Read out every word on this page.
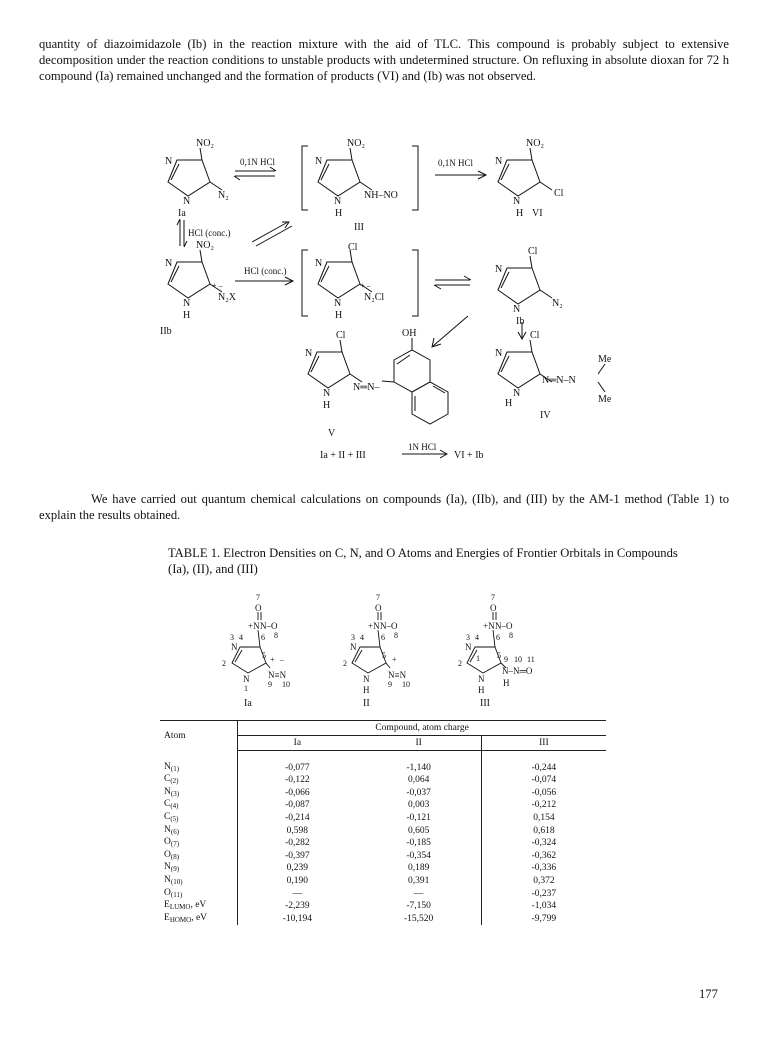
quantity of diazoimidazole (Ib) in the reaction mixture with the aid of TLC. This compound is probably subject to extensive decomposition under the reaction conditions to unstable products with undetermined structure. On refluxing in absolute dioxan for 72 h compound (Ia) remained unchanged and the formation of products (VI) and (Ib) was not observed.

NO₂
N
N
N₂
Ia
0,1N HCl
NO₂
N
N
H
NH–NO
III
0,1N HCl
NO₂
N
N
H
Cl
VI
HCl (conc.)
NO₂
N
N
H
+ –
N₂X
IIb
HCl (conc.)
Cl
N
N
H
+ –
N₂Cl
Cl
N
N
N₂
Ib
Cl
N
N
H
N═N–
OH
V
Cl
N
N
H
N═N–N
Me
Me
IV
Ia + II + III
1N HCl
VI + Ib

We have carried out quantum chemical calculations on compounds (Ia), (IIb), and (III) by the AM-1 method (Table 1) to explain the results obtained.

TABLE 1. Electron Densities on C, N, and O Atoms and Energies of Frontier Orbitals in Compounds (Ia), (II), and (III)
7
O
+N N–O
8
3 4 6
N
2
5 + –
N N≡N
1	9 10
Ia
7
O
+N N–O
3 4 6 8
N
2
5 +
N
H
N≡N
9 10
II
7
O
+N N–O
3 4 6 8
N
2
1 5 9 10 11
N–N═O
N
H
H
III
Atom	Compound, atom charge		
	Ia	II	III
$N_{(1)}$	-0,077	-1,140	-0,244
$C_{(2)}$	-0,122	0,064	-0,074
$N_{(3)}$	-0,066	-0,037	-0,056
$C_{(4)}$	-0,087	0,003	-0,212
$C_{(5)}$	-0,214	-0,121	0,154
$N_{(6)}$	0,598	0,605	0,618
$O_{(7)}$	-0,282	-0,185	-0,324
$O_{(8)}$	-0,397	-0,354	-0,362
$N_{(9)}$	0,239	0,189	-0,336
$N_{(10)}$	0,190	0,391	0,372
$O_{(11)}$	—	—	-0,237
$E_{LUMO}$, eV	-2,239	-7,150	-1,034
$E_{HOMO}$, eV	-10,194	-15,520	-9,799
177
